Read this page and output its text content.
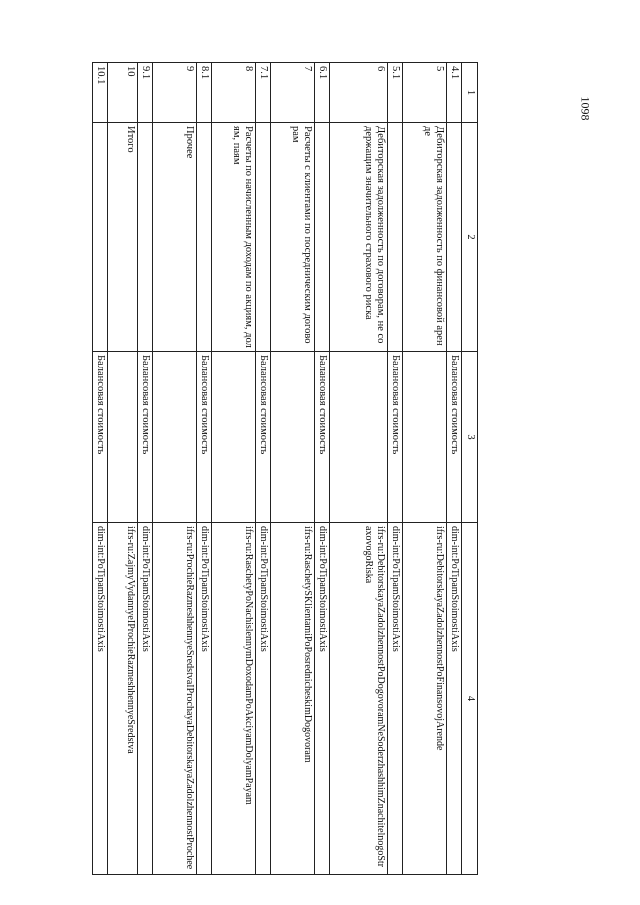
1098
1	2	3	4
4.1		Балансовая стоимость	dim-int:PoTipamStoimostiAxis
5	Дебиторская задолженность по финансовой аренде		ifrs-ru:DebitorskayaZadolzhennostPoFinansovojArende
5.1		Балансовая стоимость	dim-int:PoTipamStoimostiAxis
6	Дебиторская задолженность по договорам, не содержащим значительного страхового риска		ifrs-ru:DebitorskayaZadolzhennostPoDogovoramNeSoderzhashhimZnachitelnogoStraxovogoRiska
6.1		Балансовая стоимость	dim-int:PoTipamStoimostiAxis
7	Расчеты с клиентами по посредническим договорам		ifrs-ru:RaschetySKlientamiPoPosrednicheskimDogovoram
7.1		Балансовая стоимость	dim-int:PoTipamStoimostiAxis
8	Расчеты по начисленным доходам по акциям, долям, паям		ifrs-ru:RaschetyPoNachislennymDoxodamPoAkciyamDolyamPayam
8.1		Балансовая стоимость	dim-int:PoTipamStoimostiAxis
9	Прочее		ifrs-ru:ProchieRazmeshhennyeSredstvaIProchayaDebitorskayaZadolzhennostProchee
9.1		Балансовая стоимость	dim-int:PoTipamStoimostiAxis
10	Итого		ifrs-ru:ZajmyVydannyeIProchieRazmeshhennyeSredstva
10.1		Балансовая стоимость	dim-int:PoTipamStoimostiAxis
